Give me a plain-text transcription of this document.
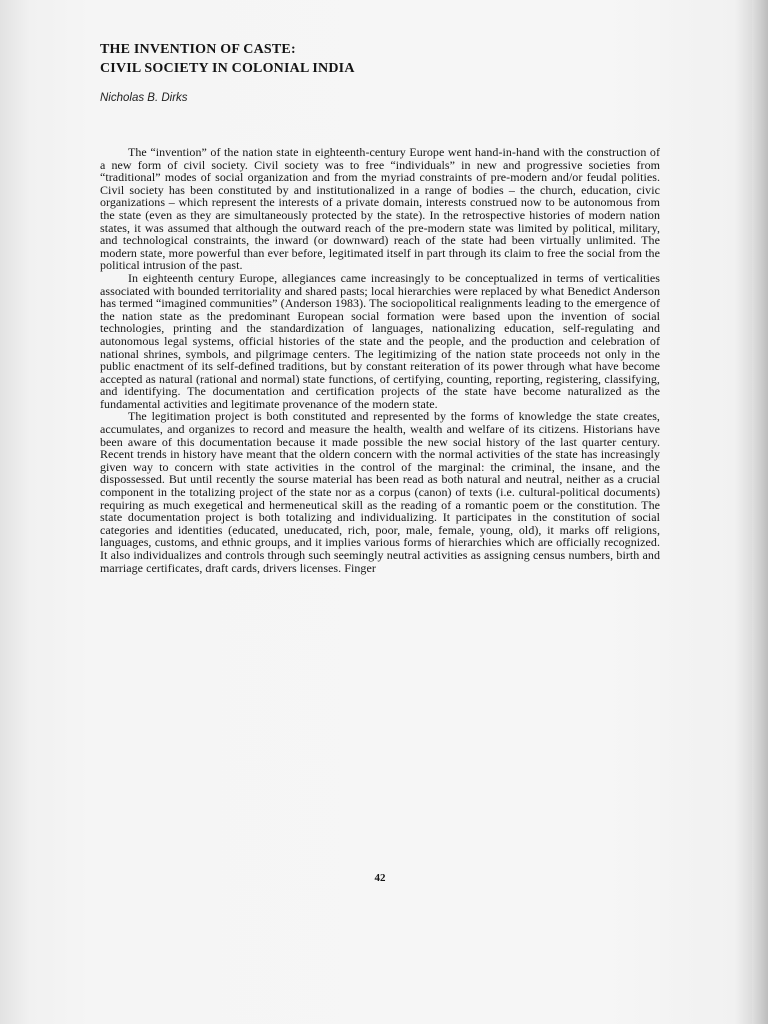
THE INVENTION OF CASTE:
CIVIL SOCIETY IN COLONIAL INDIA

Nicholas B. Dirks

The “invention” of the nation state in eighteenth-century Europe went hand-in-hand with the construction of a new form of civil society. Civil society was to free “individuals” in new and progressive societies from “traditional” modes of social organization and from the myriad constraints of pre-modern and/or feudal polities. Civil society has been constituted by and institutionalized in a range of bodies – the church, education, civic organizations – which represent the interests of a private domain, interests construed now to be autonomous from the state (even as they are simultaneously protected by the state). In the retrospective histories of modern nation states, it was assumed that although the outward reach of the pre-modern state was limited by political, military, and technological constraints, the inward (or downward) reach of the state had been virtually unlimited. The modern state, more powerful than ever before, legitimated itself in part through its claim to free the social from the political intrusion of the past.

In eighteenth century Europe, allegiances came increasingly to be conceptualized in terms of verticalities associated with bounded territoriality and shared pasts; local hierarchies were replaced by what Benedict Anderson has termed “imagined communities” (Anderson 1983). The sociopolitical realignments leading to the emergence of the nation state as the predominant European social formation were based upon the invention of social technologies, printing and the standardization of languages, nationalizing education, self-regulating and autonomous legal systems, official histories of the state and the people, and the production and celebration of national shrines, symbols, and pilgrimage centers. The legitimizing of the nation state proceeds not only in the public enactment of its self-defined traditions, but by constant reiteration of its power through what have become accepted as natural (rational and normal) state functions, of certifying, counting, reporting, registering, classifying, and identifying. The documentation and certification projects of the state have become naturalized as the fundamental activities and legitimate provenance of the modern state.

The legitimation project is both constituted and represented by the forms of knowledge the state creates, accumulates, and organizes to record and measure the health, wealth and welfare of its citizens. Historians have been aware of this documentation because it made possible the new social history of the last quarter century. Recent trends in history have meant that the oldern concern with the normal activities of the state has increasingly given way to concern with state activities in the control of the marginal: the criminal, the insane, and the dispossessed. But until recently the sourse material has been read as both natural and neutral, neither as a crucial component in the totalizing project of the state nor as a corpus (canon) of texts (i.e. cultural-political documents) requiring as much exegetical and hermeneutical skill as the reading of a romantic poem or the constitution. The state documentation project is both totalizing and individualizing. It participates in the constitution of social categories and identities (educated, uneducated, rich, poor, male, female, young, old), it marks off religions, languages, customs, and ethnic groups, and it implies various forms of hierarchies which are officially recognized. It also individualizes and controls through such seemingly neutral activities as assigning census numbers, birth and marriage certificates, draft cards, drivers licenses. Finger

42
